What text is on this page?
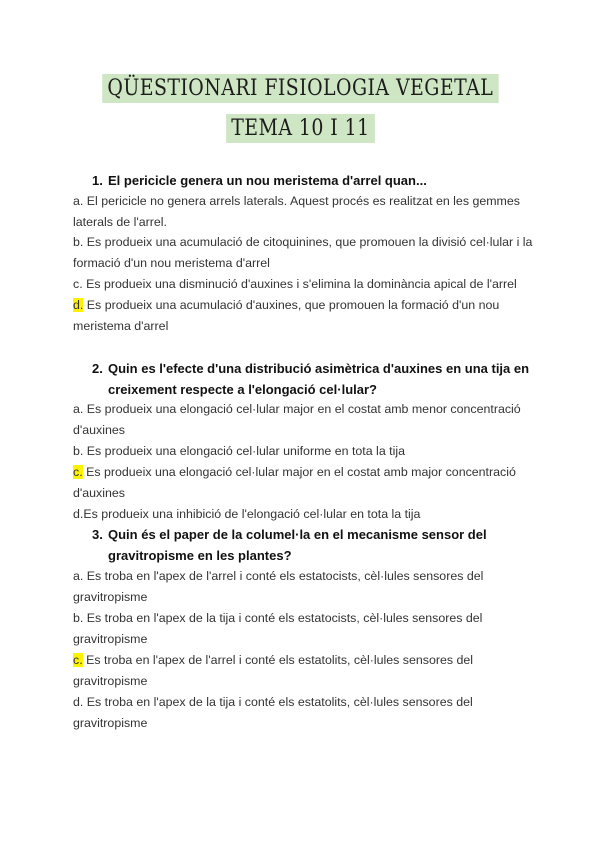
QÜESTIONARI FISIOLOGIA VEGETAL
TEMA 10 I 11
1. El pericicle genera un nou meristema d'arrel quan...
a. El pericicle no genera arrels laterals. Aquest procés es realitzat en les gemmes
laterals de l'arrel.
b. Es produeix una acumulació de citoquinines, que promouen la divisió cel·lular i la
formació d'un nou meristema d'arrel
c. Es produeix una disminució d'auxines i s'elimina la dominància apical de l'arrel
d. Es produeix una acumulació d'auxines, que promouen la formació d'un nou
meristema d'arrel
2. Quin es l'efecte d'una distribució asimètrica d'auxines en una tija en
creixement respecte a l'elongació cel·lular?
a. Es produeix una elongació cel·lular major en el costat amb menor concentració
d'auxines
b. Es produeix una elongació cel·lular uniforme en tota la tija
c. Es produeix una elongació cel·lular major en el costat amb major concentració
d'auxines
d.Es produeix una inhibició de l'elongació cel·lular en tota la tija
3. Quin és el paper de la columel·la en el mecanisme sensor del
gravitropisme en les plantes?
a. Es troba en l'apex de l'arrel i conté els estatocists, cèl·lules sensores del
gravitropisme
b. Es troba en l'apex de la tija i conté els estatocists, cèl·lules sensores del
gravitropisme
c. Es troba en l'apex de l'arrel i conté els estatolits, cèl·lules sensores del
gravitropisme
d. Es troba en l'apex de la tija i conté els estatolits, cèl·lules sensores del
gravitropisme
